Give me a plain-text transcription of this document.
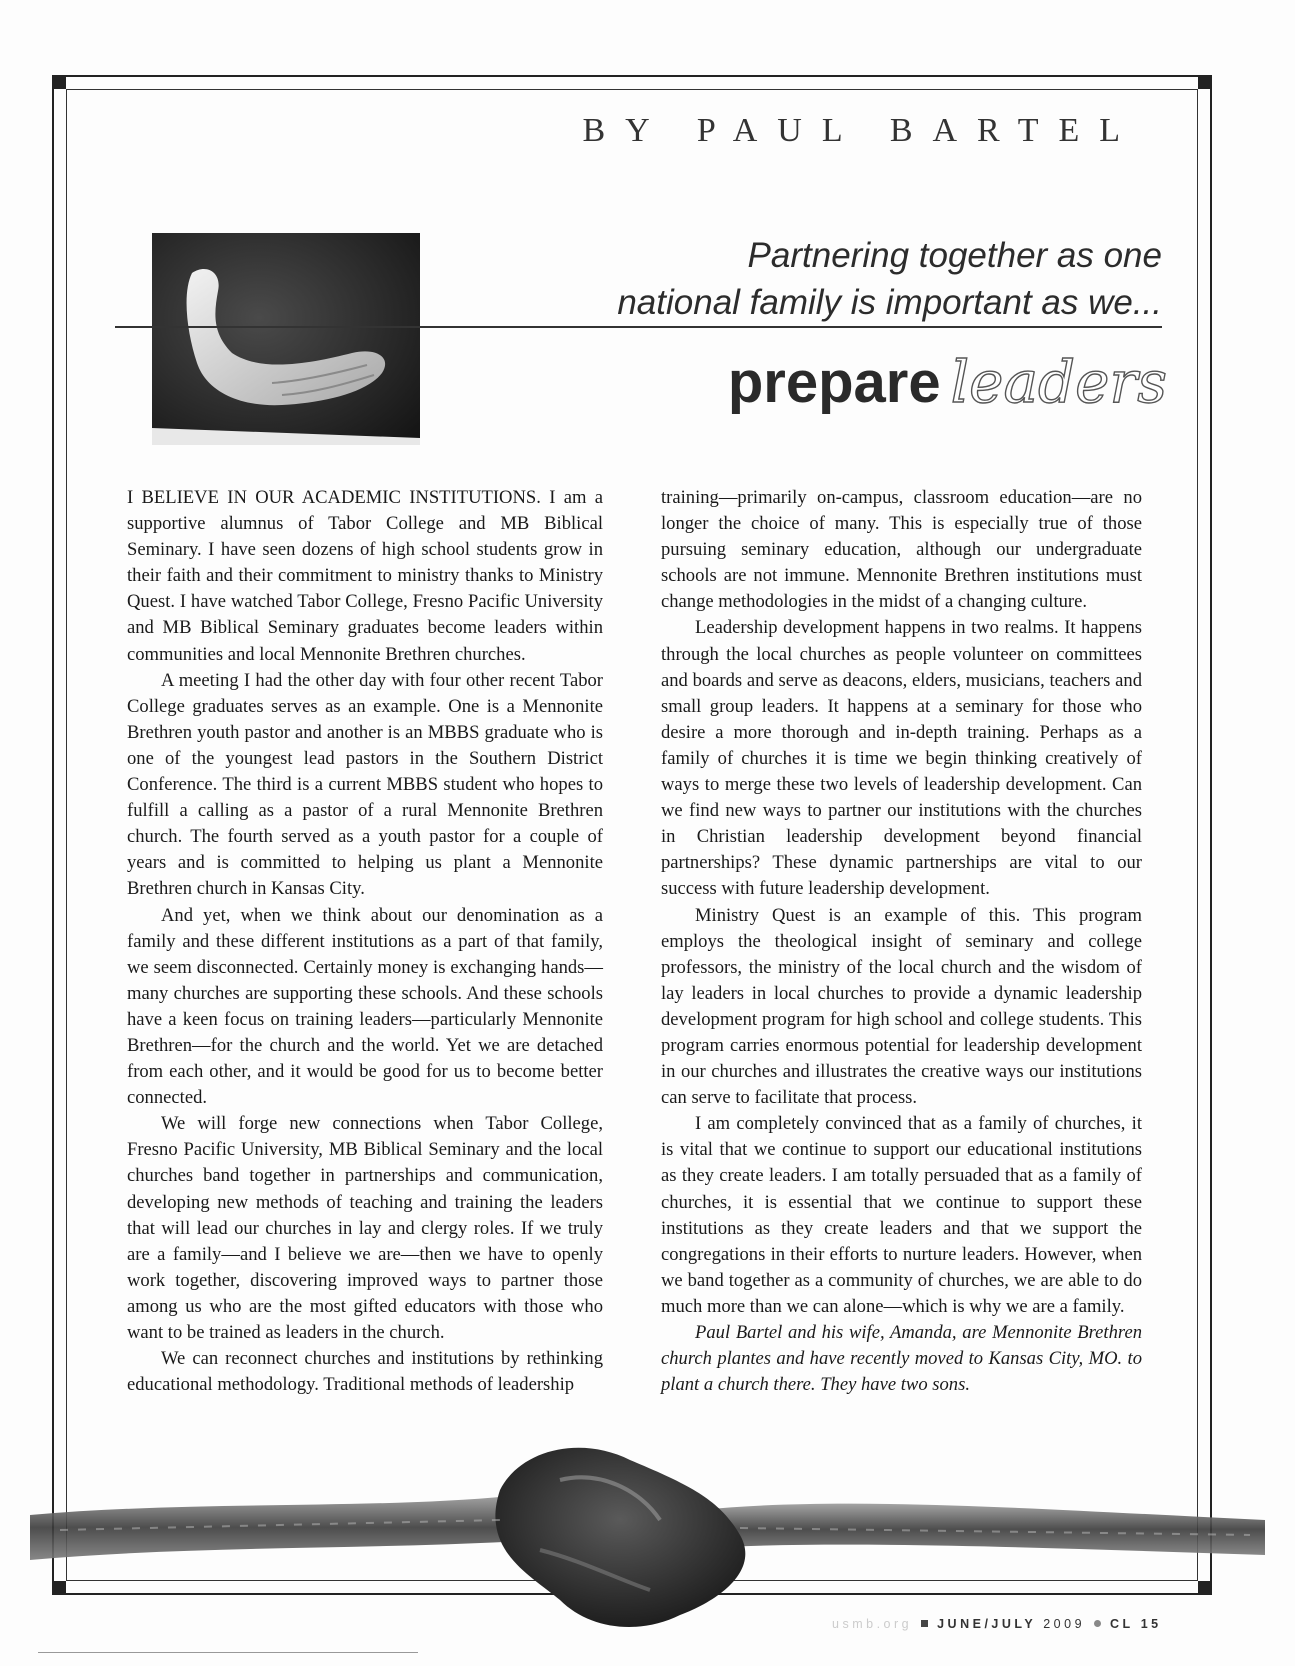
BY PAUL BARTEL
Partnering together as one
national family is important as we...
prepare leaders

I BELIEVE IN OUR ACADEMIC INSTITUTIONS. I am a supportive alumnus of Tabor College and MB Biblical Seminary. I have seen dozens of high school students grow in their faith and their commitment to ministry thanks to Ministry Quest. I have watched Tabor College, Fresno Pacific University and MB Biblical Seminary graduates become leaders within communities and local Mennonite Brethren churches.

A meeting I had the other day with four other recent Tabor College graduates serves as an example. One is a Mennonite Brethren youth pastor and another is an MBBS graduate who is one of the youngest lead pastors in the Southern District Conference. The third is a current MBBS student who hopes to fulfill a calling as a pastor of a rural Mennonite Brethren church. The fourth served as a youth pastor for a couple of years and is committed to helping us plant a Mennonite Brethren church in Kansas City.

And yet, when we think about our denomination as a family and these different institutions as a part of that family, we seem disconnected. Certainly money is exchanging hands—many churches are supporting these schools. And these schools have a keen focus on training leaders—particularly Mennonite Brethren—for the church and the world. Yet we are detached from each other, and it would be good for us to become better connected.

We will forge new connections when Tabor College, Fresno Pacific University, MB Biblical Seminary and the local churches band together in partnerships and communication, developing new methods of teaching and training the leaders that will lead our churches in lay and clergy roles. If we truly are a family—and I believe we are—then we have to openly work together, discovering improved ways to partner those among us who are the most gifted educators with those who want to be trained as leaders in the church.

We can reconnect churches and institutions by rethinking educational methodology. Traditional methods of leadership

training—primarily on-campus, classroom education—are no longer the choice of many. This is especially true of those pursuing seminary education, although our undergraduate schools are not immune. Mennonite Brethren institutions must change methodologies in the midst of a changing culture.

Leadership development happens in two realms. It happens through the local churches as people volunteer on committees and boards and serve as deacons, elders, musicians, teachers and small group leaders. It happens at a seminary for those who desire a more thorough and in-depth training. Perhaps as a family of churches it is time we begin thinking creatively of ways to merge these two levels of leadership development. Can we find new ways to partner our institutions with the churches in Christian leadership development beyond financial partnerships? These dynamic partnerships are vital to our success with future leadership development.

Ministry Quest is an example of this. This program employs the theological insight of seminary and college professors, the ministry of the local church and the wisdom of lay leaders in local churches to provide a dynamic leadership development program for high school and college students. This program carries enormous potential for leadership development in our churches and illustrates the creative ways our institutions can serve to facilitate that process.

I am completely convinced that as a family of churches, it is vital that we continue to support our educational institutions as they create leaders. I am totally persuaded that as a family of churches, it is essential that we continue to support these institutions as they create leaders and that we support the congregations in their efforts to nurture leaders. However, when we band together as a community of churches, we are able to do much more than we can alone—which is why we are a family.

Paul Bartel and his wife, Amanda, are Mennonite Brethren church plantes and have recently moved to Kansas City, MO. to plant a church there. They have two sons.

usmb.org JUNE/JULY 2009 CL 15
